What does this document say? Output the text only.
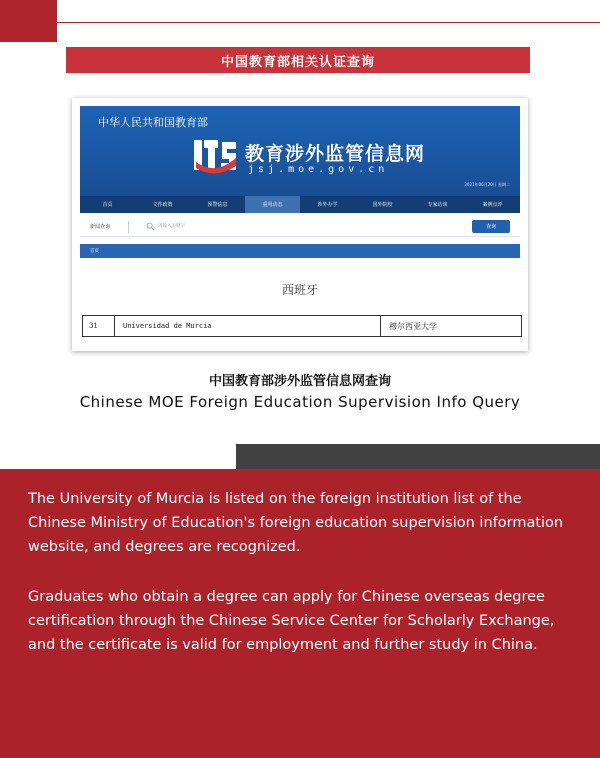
中国教育部相关认证查询
中华人民共和国教育部
教育涉外监管信息网
jsj.moe.gov.cn
2021年06月20日 星期二
首页	文件政策	预警信息	重用动态	涉外办学	国外院校	专家访谈	案例点评
新闻查询	请输入关键字	查询
首页
西班牙
31	Universidad de Murcia	穆尔西亚大学
中国教育部涉外监管信息网查询
Chinese MOE Foreign Education Supervision Info Query

The University of Murcia is listed on the foreign institution list of the Chinese Ministry of Education's foreign education supervision information website, and degrees are recognized.

Graduates who obtain a degree can apply for Chinese overseas degree certification through the Chinese Service Center for Scholarly Exchange, and the certificate is valid for employment and further study in China.
